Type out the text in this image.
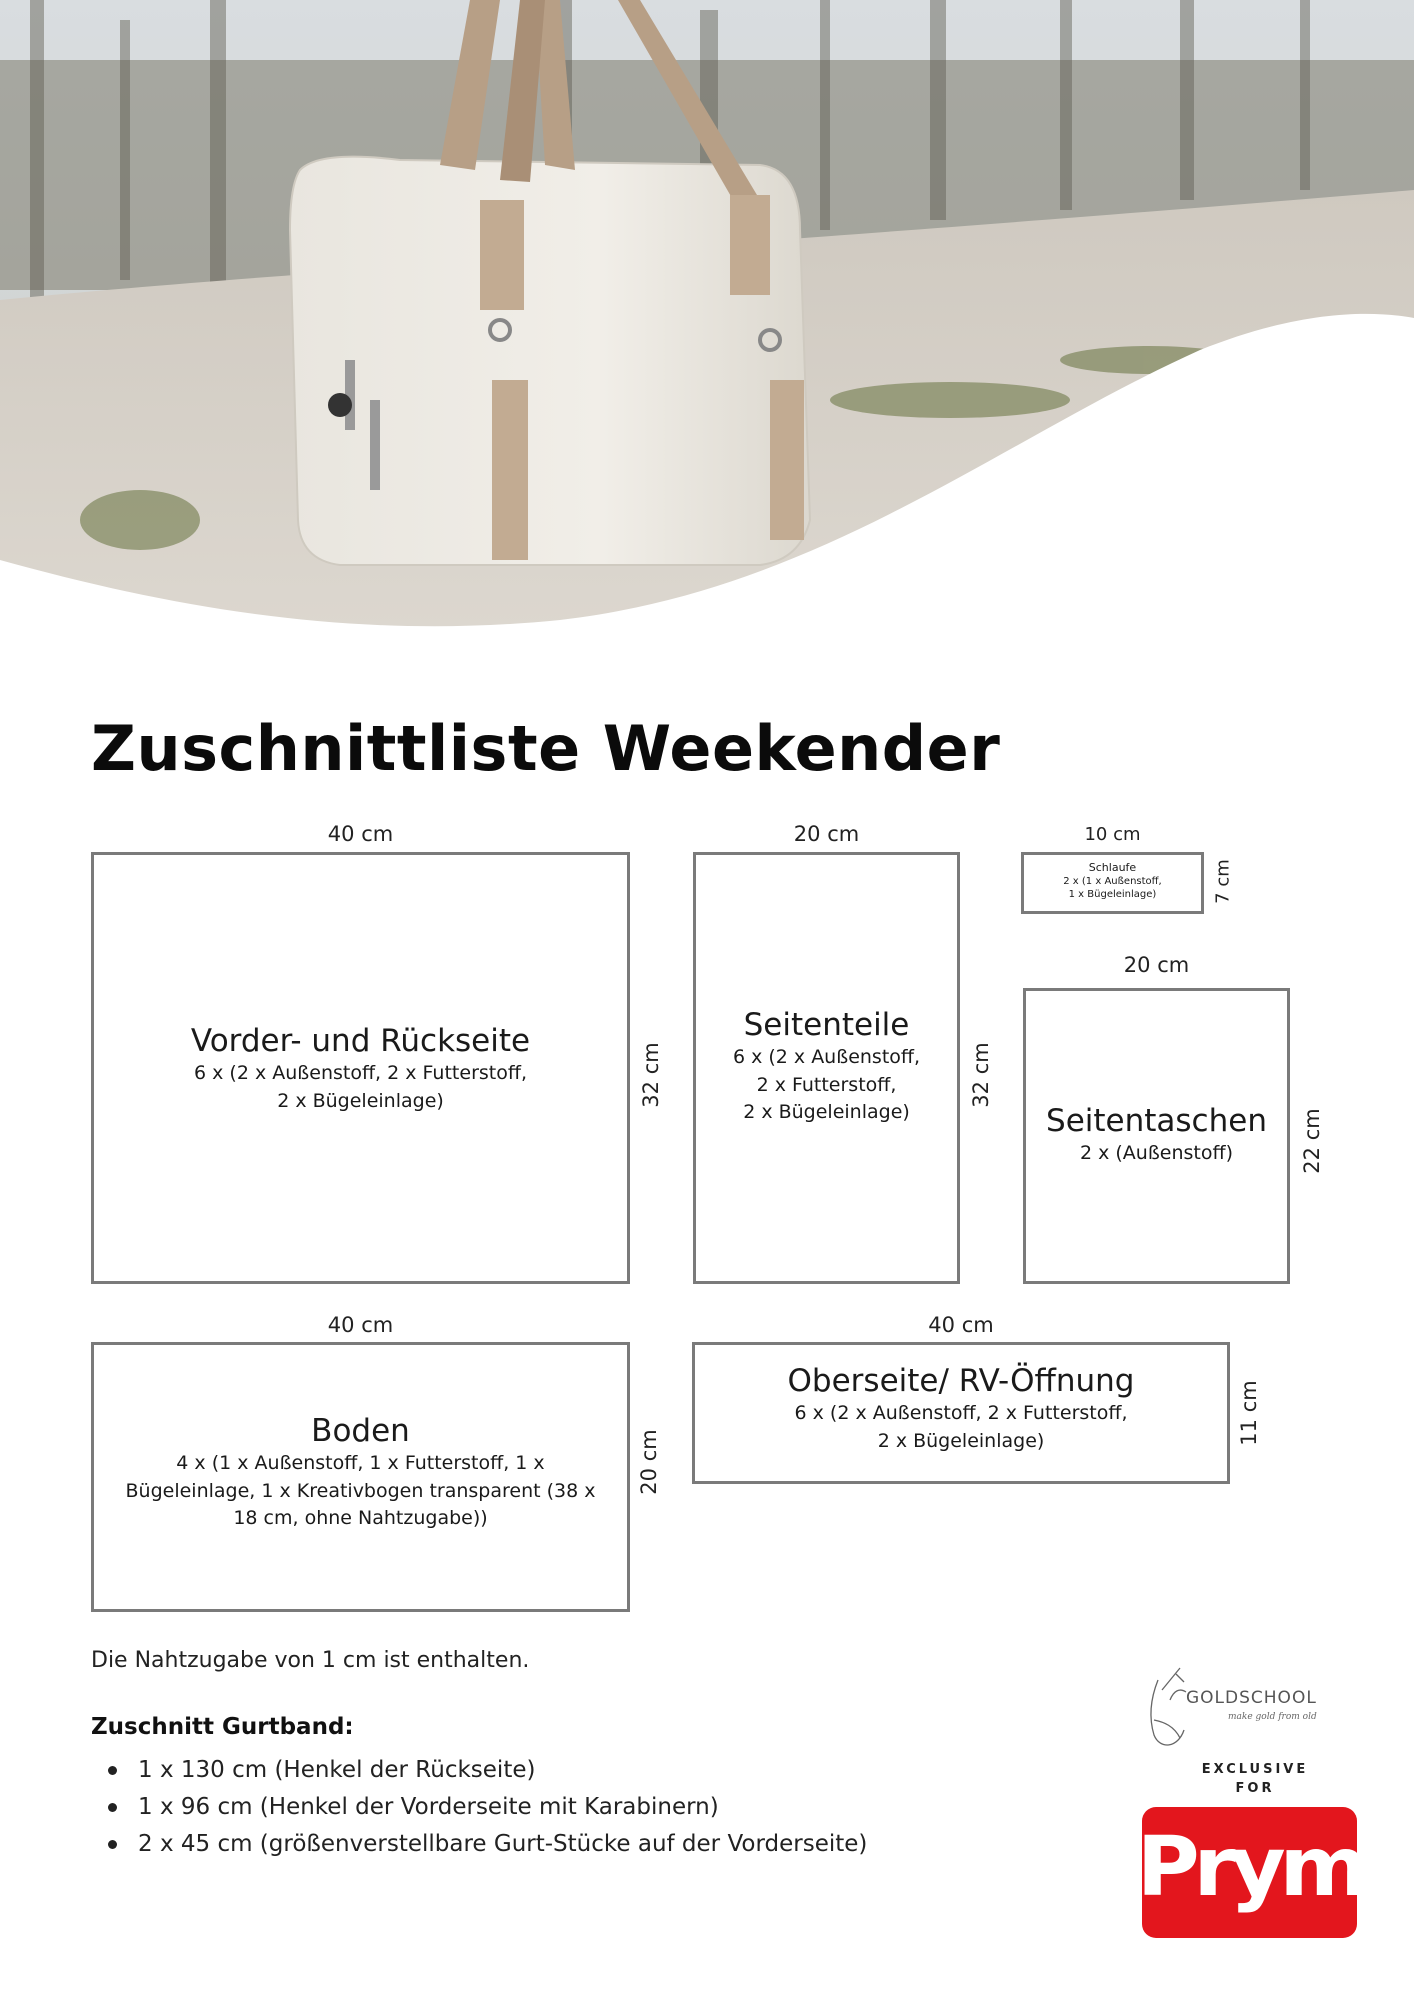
Zuschnittliste Weekender
40 cm
Vorder- und Rückseite
6 x (2 x Außenstoff, 2 x Futterstoff,
2 x Bügeleinlage)	32 cm
20 cm
Seitenteile
6 x (2 x Außenstoff,
2 x Futterstoff,
2 x Bügeleinlage)
32 cm
10 cm
Schlaufe
2 x (1 x Außenstoff,
1 x Bügeleinlage)	7 cm
20 cm
Seitentaschen
2 x (Außenstoff)	22 cm
40 cm
Boden
4 x (1 x Außenstoff, 1 x Futterstoff, 1 x
Bügeleinlage, 1 x Kreativbogen transparent (38 x
18 cm, ohne Nahtzugabe))
20 cm
40 cm
Oberseite/ RV-Öffnung
6 x (2 x Außenstoff, 2 x Futterstoff,
2 x Bügeleinlage)	11 cm
Die Nahtzugabe von 1 cm ist enthalten.
Zuschnitt Gurtband:
1 x 130 cm (Henkel der Rückseite)
1 x 96 cm (Henkel der Vorderseite mit Karabinern)
2 x 45 cm (größenverstellbare Gurt-Stücke auf der Vorderseite)
GOLDSCHOOL
make gold from old
EXCLUSIVE
FOR
Prym
